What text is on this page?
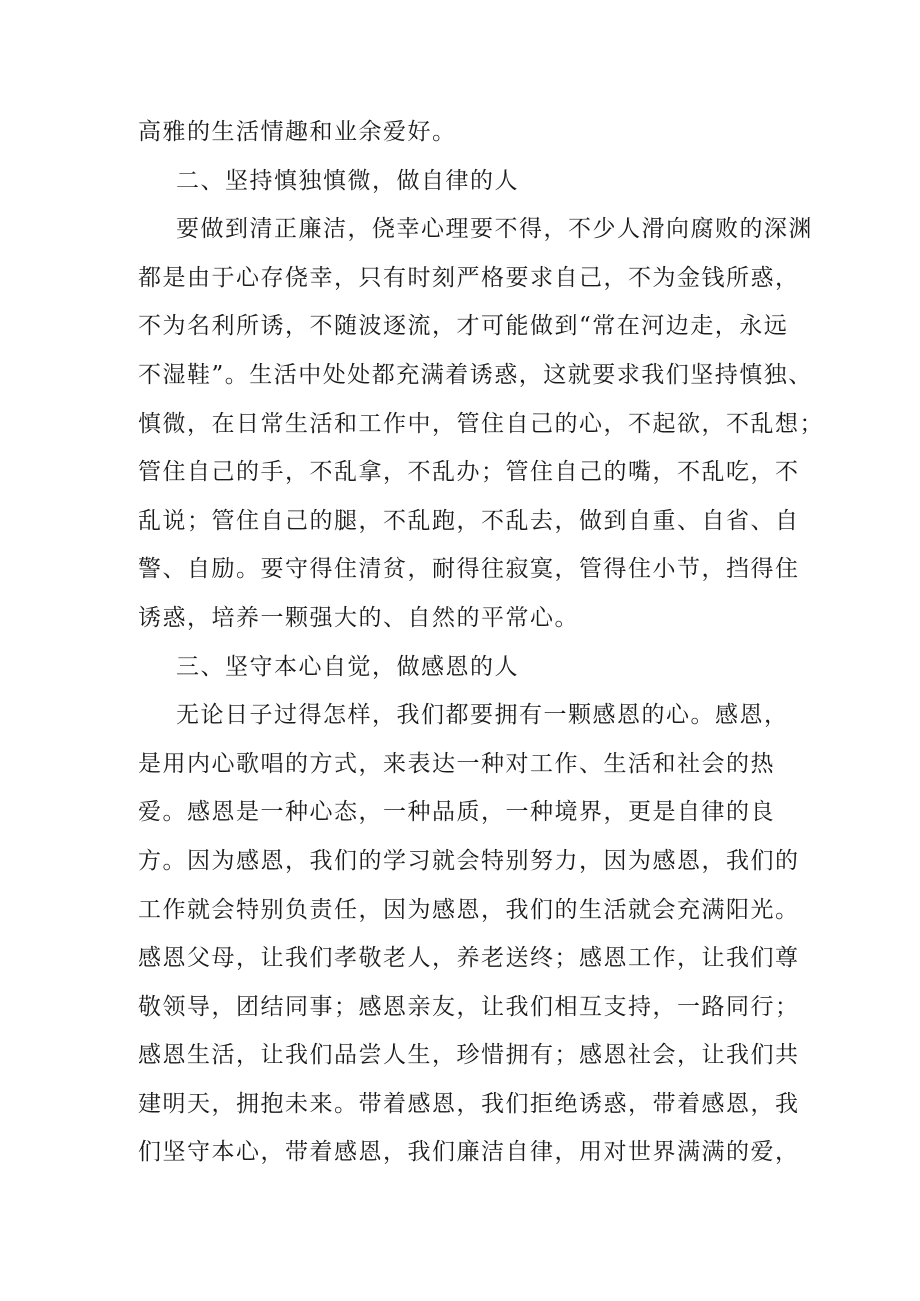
高雅的生活情趣和业余爱好。
二、坚持慎独慎微，做自律的人
要做到清正廉洁，侥幸心理要不得，不少人滑向腐败的深渊
都是由于心存侥幸，只有时刻严格要求自己，不为金钱所惑，
不为名利所诱，不随波逐流，才可能做到“常在河边走，永远
不湿鞋”。生活中处处都充满着诱惑，这就要求我们坚持慎独、
慎微，在日常生活和工作中，管住自己的心，不起欲，不乱想；
管住自己的手，不乱拿，不乱办；管住自己的嘴，不乱吃，不
乱说；管住自己的腿，不乱跑，不乱去，做到自重、自省、自
警、自励。要守得住清贫，耐得往寂寞，管得住小节，挡得住
诱惑，培养一颗强大的、自然的平常心。
三、坚守本心自觉，做感恩的人
无论日子过得怎样，我们都要拥有一颗感恩的心。感恩，
是用内心歌唱的方式，来表达一种对工作、生活和社会的热
爱。感恩是一种心态，一种品质，一种境界，更是自律的良
方。因为感恩，我们的学习就会特别努力，因为感恩，我们的
工作就会特别负责任，因为感恩，我们的生活就会充满阳光。
感恩父母，让我们孝敬老人，养老送终；感恩工作，让我们尊
敬领导，团结同事；感恩亲友，让我们相互支持，一路同行；
感恩生活，让我们品尝人生，珍惜拥有；感恩社会，让我们共
建明天，拥抱未来。带着感恩，我们拒绝诱惑，带着感恩，我
们坚守本心，带着感恩，我们廉洁自律，用对世界满满的爱，
